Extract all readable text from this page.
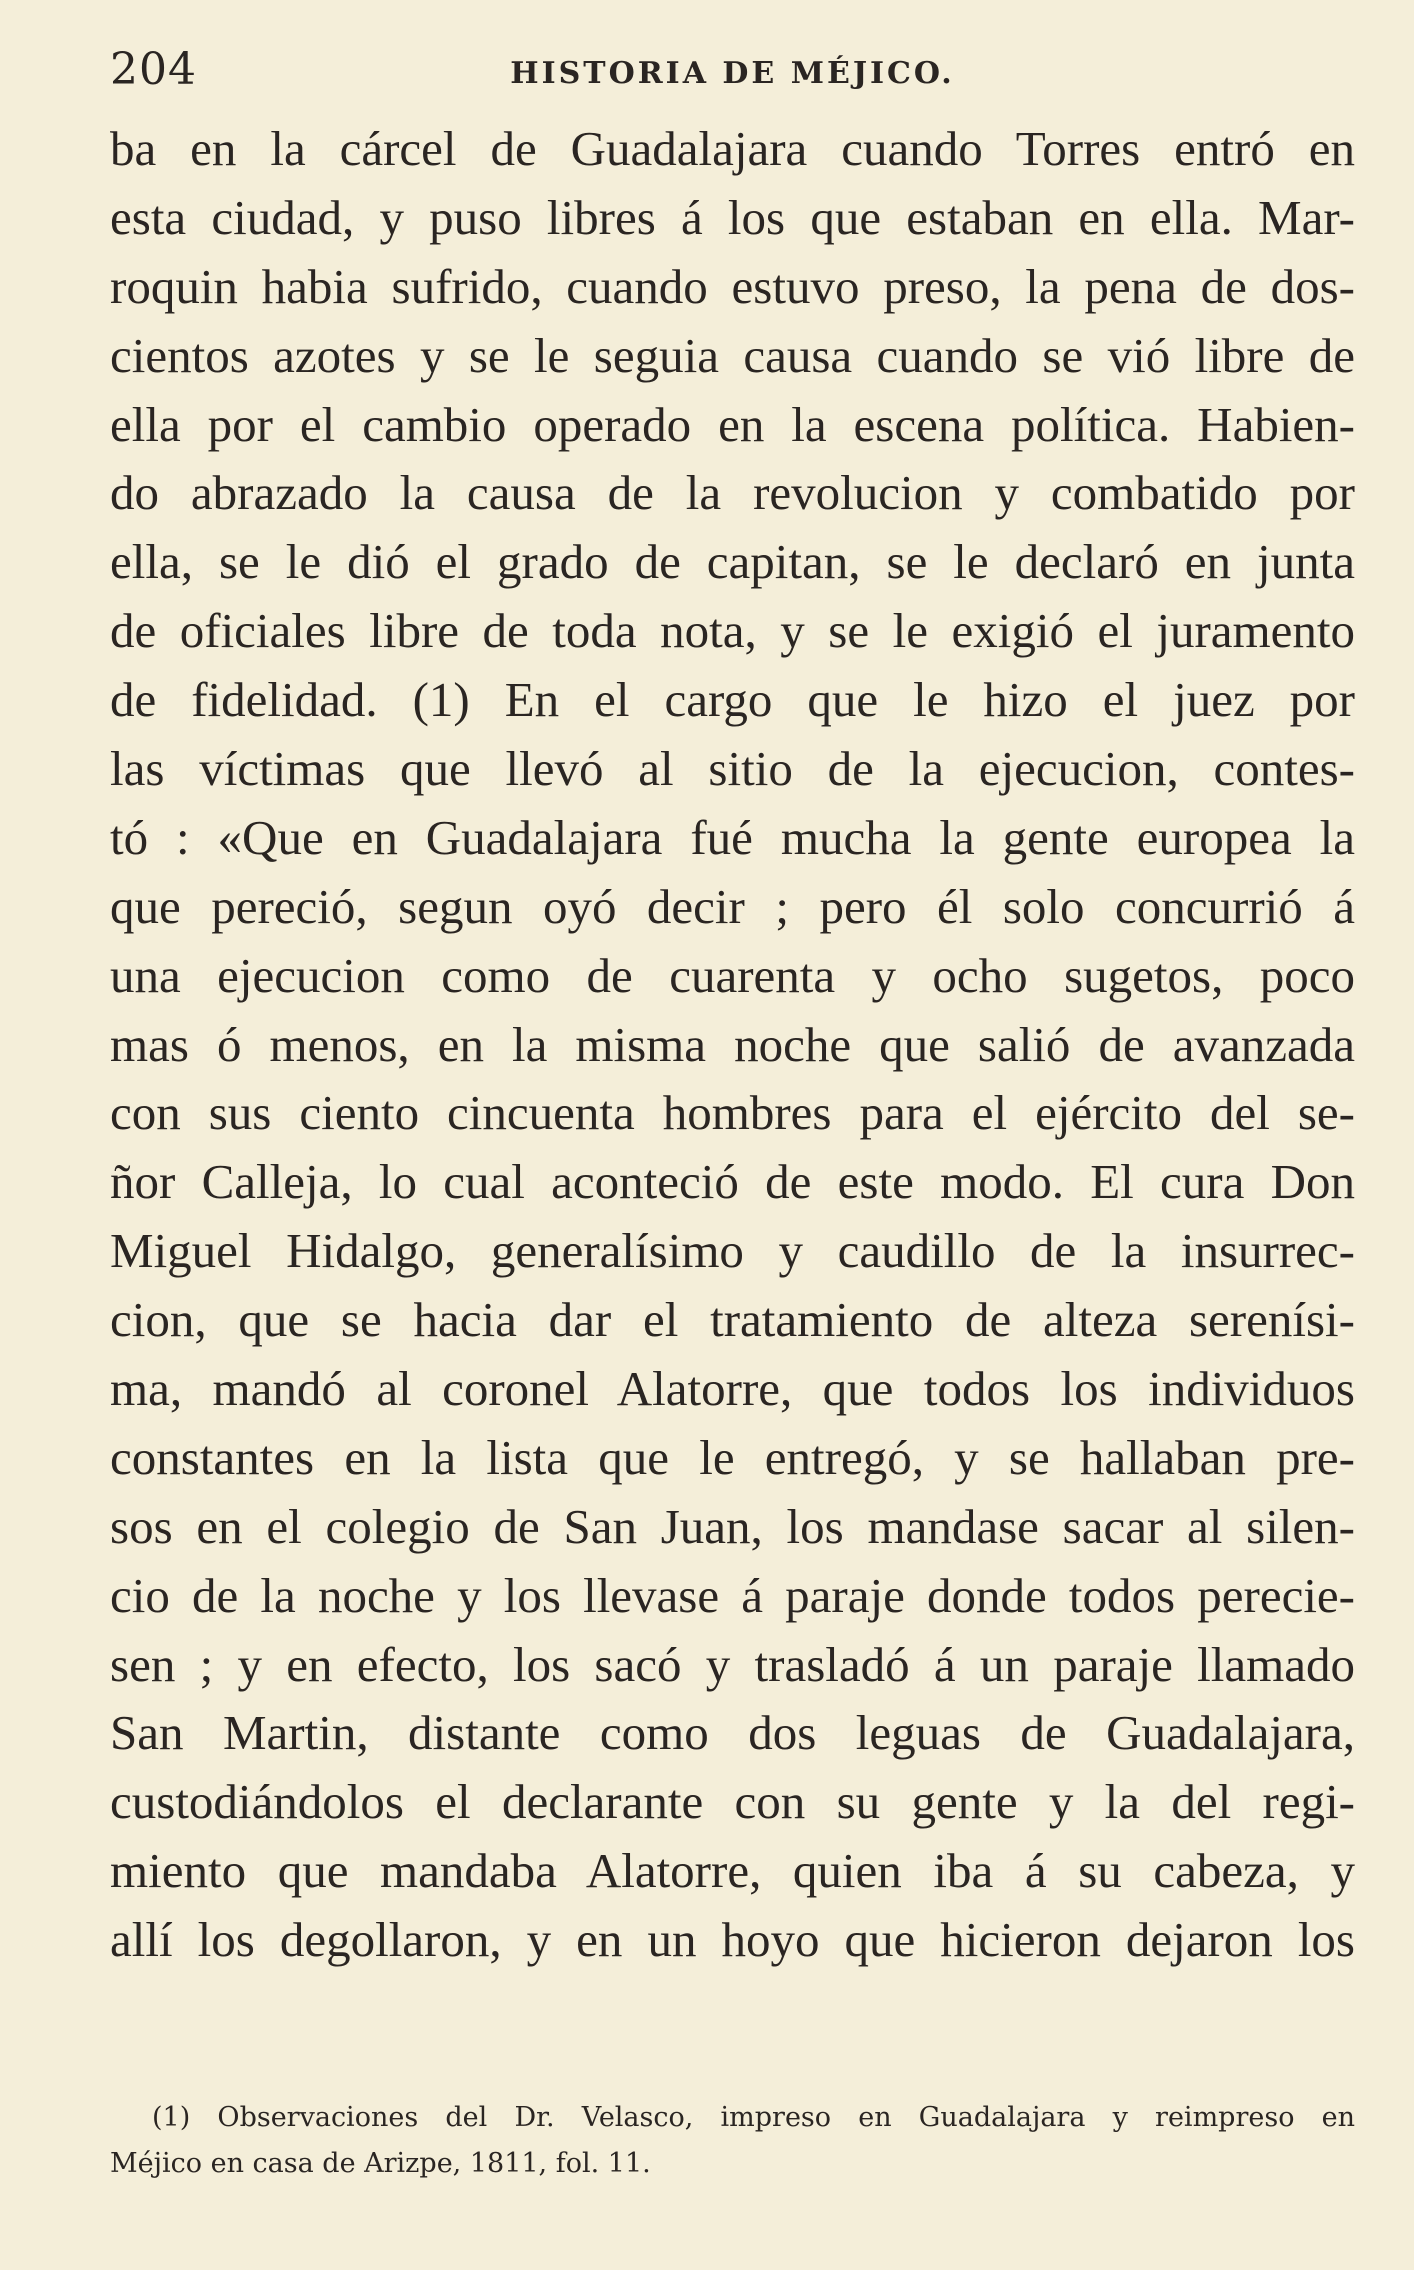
204	HISTORIA DE MÉJICO.
ba en la cárcel de Guadalajara cuando Torres entró en
esta ciudad, y puso libres á los que estaban en ella. Mar-
roquin habia sufrido, cuando estuvo preso, la pena de dos-
cientos azotes y se le seguia causa cuando se vió libre de
ella por el cambio operado en la escena política. Habien-
do abrazado la causa de la revolucion y combatido por
ella, se le dió el grado de capitan, se le declaró en junta
de oficiales libre de toda nota, y se le exigió el juramento
de fidelidad. (1) En el cargo que le hizo el juez por
las víctimas que llevó al sitio de la ejecucion, contes-
tó : «Que en Guadalajara fué mucha la gente europea la
que pereció, segun oyó decir ; pero él solo concurrió á
una ejecucion como de cuarenta y ocho sugetos, poco
mas ó menos, en la misma noche que salió de avanzada
con sus ciento cincuenta hombres para el ejército del se-
ñor Calleja, lo cual aconteció de este modo. El cura Don
Miguel Hidalgo, generalísimo y caudillo de la insurrec-
cion, que se hacia dar el tratamiento de alteza serenísi-
ma, mandó al coronel Alatorre, que todos los individuos
constantes en la lista que le entregó, y se hallaban pre-
sos en el colegio de San Juan, los mandase sacar al silen-
cio de la noche y los llevase á paraje donde todos perecie-
sen ; y en efecto, los sacó y trasladó á un paraje llamado
San Martin, distante como dos leguas de Guadalajara,
custodiándolos el declarante con su gente y la del regi-
miento que mandaba Alatorre, quien iba á su cabeza, y
allí los degollaron, y en un hoyo que hicieron dejaron los
(1) Observaciones del Dr. Velasco, impreso en Guadalajara y reimpreso en
Méjico en casa de Arizpe, 1811, fol. 11.
